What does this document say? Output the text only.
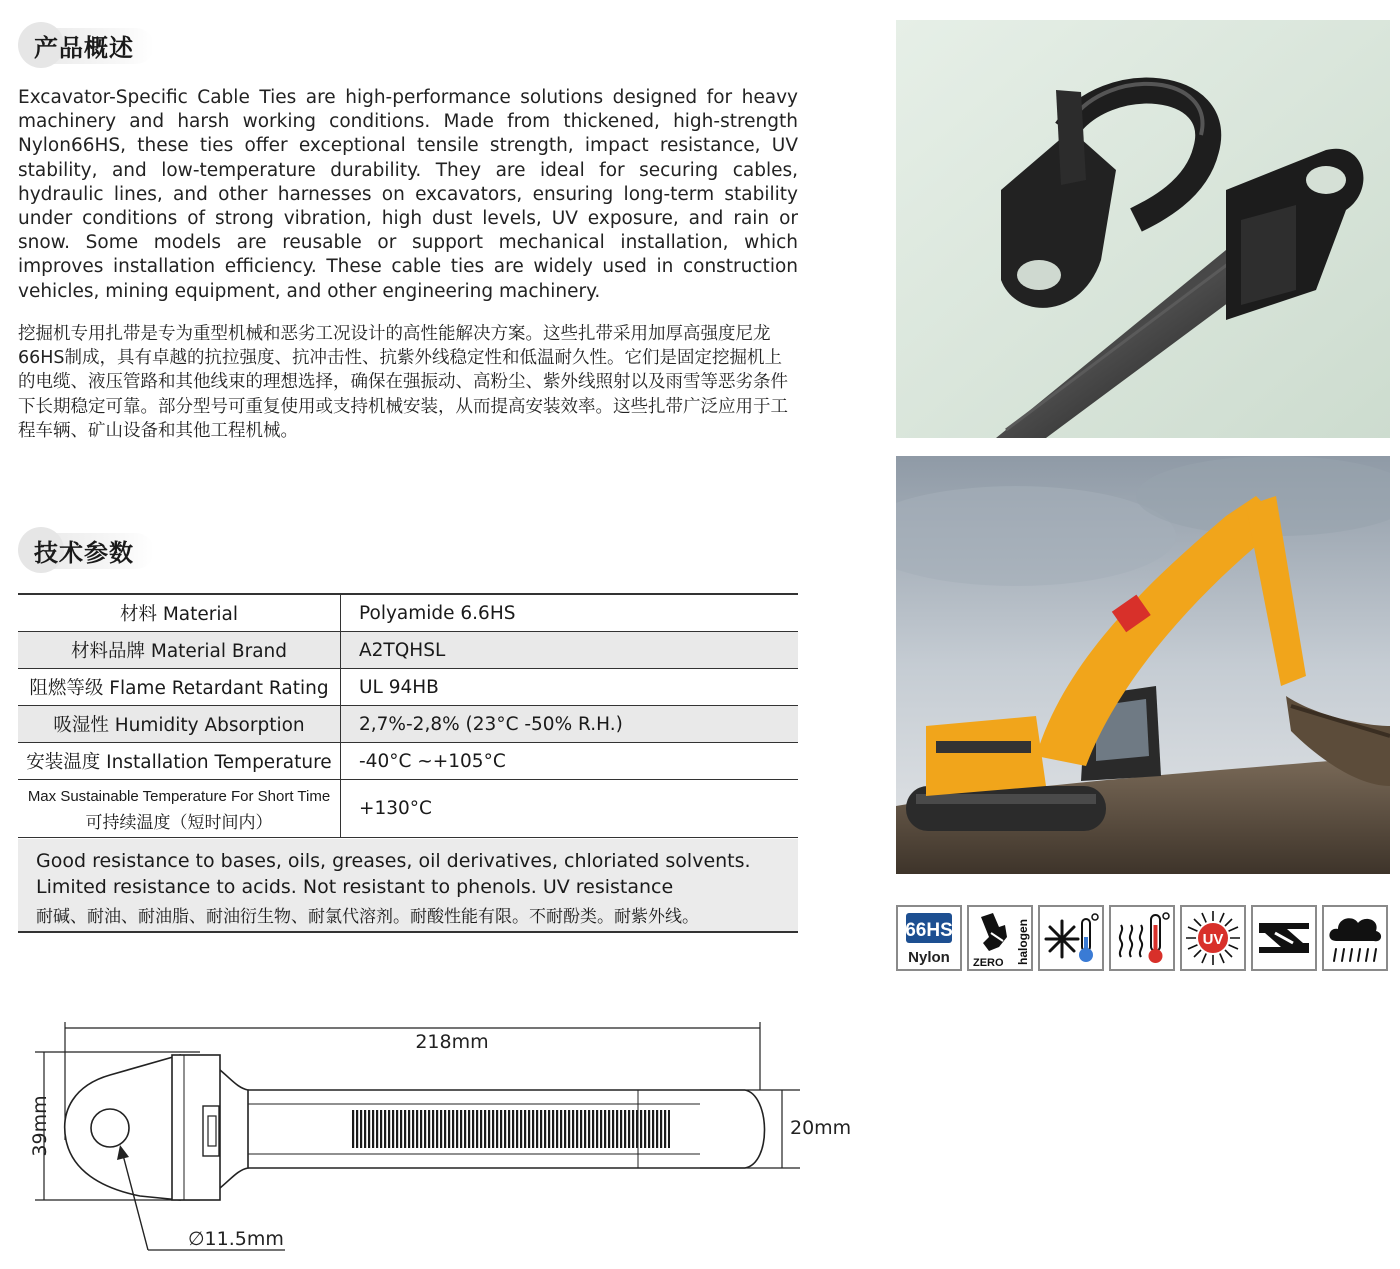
产品概述
Excavator-Specific Cable Ties are high-performance solutions designed for heavy machinery and harsh working conditions. Made from thickened, high-strength Nylon66HS, these ties offer exceptional tensile strength, impact resistance, UV stability, and low-temperature durability. They are ideal for securing cables, hydraulic lines, and other harnesses on excavators, ensuring long-term stability under conditions of strong vibration, high dust levels, UV exposure, and rain or snow. Some models are reusable or support mechanical installation, which improves installation efficiency. These cable ties are widely used in construction vehicles, mining equipment, and other engineering machinery.
挖掘机专用扎带是专为重型机械和恶劣工况设计的高性能解决方案。这些扎带采用加厚高强度尼龙66HS制成，具有卓越的抗拉强度、抗冲击性、抗紫外线稳定性和低温耐久性。它们是固定挖掘机上的电缆、液压管路和其他线束的理想选择，确保在强振动、高粉尘、紫外线照射以及雨雪等恶劣条件下长期稳定可靠。部分型号可重复使用或支持机械安装，从而提高安装效率。这些扎带广泛应用于工程车辆、矿山设备和其他工程机械。
技术参数
材料 Material	Polyamide 6.6HS
材料品牌 Material Brand	A2TQHSL
阻燃等级 Flame Retardant Rating	UL 94HB
吸湿性 Humidity Absorption	2,7%-2,8% (23°C -50% R.H.)
安装温度 Installation Temperature	-40°C ~+105°C
Max Sustainable Temperature For Short Time
可持续温度（短时间内）	+130°C
Good resistance to bases, oils, greases, oil derivatives, chloriated solvents. Limited resistance to acids. Not resistant to phenols. UV resistance
耐碱、耐油、耐油脂、耐油衍生物、耐氯代溶剂。耐酸性能有限。不耐酚类。耐紫外线。
66HS
Nylon ZERO halogen	UV
218mm
39mm	20mm
∅11.5mm
